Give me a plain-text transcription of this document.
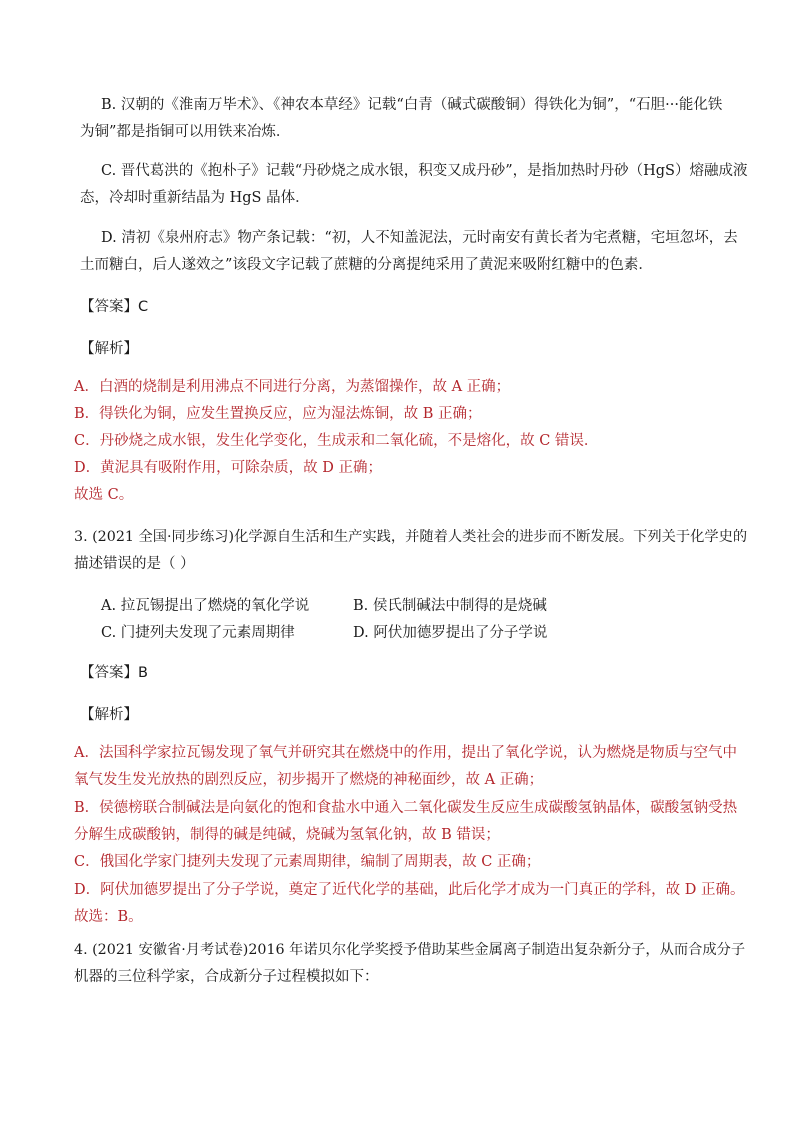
B. 汉朝的《淮南万毕术》、《神农本草经》记载“白青（碱式碳酸铜）得铁化为铜”，“石胆···能化铁
为铜”都是指铜可以用铁来冶炼．
C. 晋代葛洪的《抱朴子》记载“丹砂烧之成水银，积变又成丹砂”，是指加热时丹砂（HgS）熔融成液
态，冷却时重新结晶为 HgS 晶体．
D. 清初《泉州府志》物产条记载：“初，人不知盖泥法，元时南安有黄长者为宅煮糖，宅垣忽坏，去
土而糖白，后人遂效之”该段文字记载了蔗糖的分离提纯采用了黄泥来吸附红糖中的色素．
【答案】C
【解析】
A．白酒的烧制是利用沸点不同进行分离，为蒸馏操作，故 A 正确；
B．得铁化为铜，应发生置换反应，应为湿法炼铜，故 B 正确；
C．丹砂烧之成水银，发生化学变化，生成汞和二氧化硫，不是熔化，故 C 错误．
D．黄泥具有吸附作用，可除杂质，故 D 正确；
故选 C。
3. (2021 全国·同步练习)化学源自生活和生产实践，并随着人类社会的进步而不断发展。下列关于化学史的
描述错误的是（ ）
A. 拉瓦锡提出了燃烧的氧化学说	B. 侯氏制碱法中制得的是烧碱
C. 门捷列夫发现了元素周期律	D. 阿伏加德罗提出了分子学说
【答案】B
【解析】
A．法国科学家拉瓦锡发现了氧气并研究其在燃烧中的作用，提出了氧化学说，认为燃烧是物质与空气中
氧气发生发光放热的剧烈反应，初步揭开了燃烧的神秘面纱，故 A 正确；
B．侯德榜联合制碱法是向氨化的饱和食盐水中通入二氧化碳发生反应生成碳酸氢钠晶体，碳酸氢钠受热
分解生成碳酸钠，制得的碱是纯碱，烧碱为氢氧化钠，故 B 错误；
C．俄国化学家门捷列夫发现了元素周期律，编制了周期表，故 C 正确；
D．阿伏加德罗提出了分子学说，奠定了近代化学的基础，此后化学才成为一门真正的学科，故 D 正确。
故选：B。
4. (2021 安徽省·月考试卷)2016 年诺贝尔化学奖授予借助某些金属离子制造出复杂新分子，从而合成分子
机器的三位科学家，合成新分子过程模拟如下：
